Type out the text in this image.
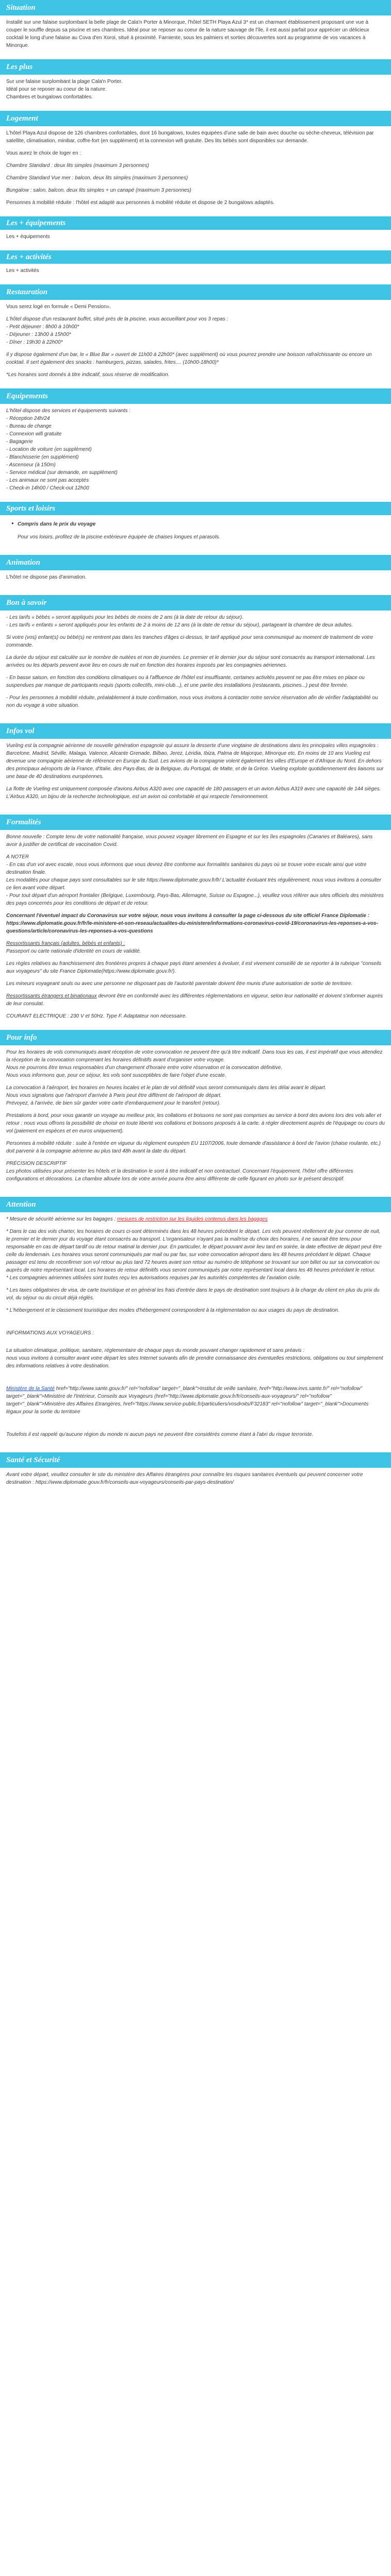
Situation

Installé sur une falaise surplombant la belle plage de Cala'n Porter à Minorque, l'hôtel SETH Playa Azul 3* est un charmant établissement proposant une vue à couper le souffle depuis sa piscine et ses chambres. Idéal pour se reposer au coeur de la nature sauvage de l'île, il est aussi parfait pour apprécier un délicieux cocktail le long d'une falaise au Cova d'en Xoroi, situé à proximité. Farniente, sous les palmiers et sorties découvertes sont au programme de vos vacances à Minorque.

Les plus

Sur une falaise surplombant la plage Cala'n Porter.
Idéal pour se reposer au coeur de la nature.
Chambres et bungalows confortables.

Logement

L'hôtel Playa Azul dispose de 126 chambres confortables, dont 16 bungalows, toutes équipées d'une salle de bain avec douche ou sèche-cheveux, télévision par satellite, climatisation, minibar, coffre-fort (en supplément) et la connexion wifi gratuite. Des lits bébés sont disponibles sur demande.

Vous aurez le choix de loger en :

Chambre Standard : deux lits simples (maximum 3 personnes)

Chambre Standard Vue mer : balcon, deux lits simples (maximum 3 personnes)

Bungalow : salon, balcon, deux lits simples + un canapé (maximum 3 personnes)

Personnes à mobilité réduite : l'hôtel est adapté aux personnes à mobilité réduite et dispose de 2 bungalows adaptés.

Les + équipements

Les + équipements

Les + activités

Les + activités

Restauration

Vous serez logé en formule « Demi Pension».

L'hôtel dispose d'un restaurant buffet, situé près de la piscine, vous accueillant pour vos 3 repas :
- Petit déjeuner : 8h00 à 10h00*
- Déjeuner : 13h00 à 15h00*
- Dîner : 19h30 à 22h00*

Il y dispose également d'un bar, le « Blue Bar » ouvert de 11h00 à 22h00* (avec supplément) où vous pourrez prendre une boisson rafraîchissante ou encore un cocktail. Il sert également des snacks : hamburgers, pizzas, salades, frites.... (10h00-18h00)*

*Les horaires sont donnés à titre indicatif, sous réserve de modification.

Equipements

L'hôtel dispose des services et équipements suivants :
- Réception 24h/24
- Bureau de change
- Connexion wifi gratuite
- Bagagerie
- Location de voiture (en supplément)
- Blanchisserie (en supplément)
- Ascenseur (à 150m)
- Service médical (sur demande, en supplément)
- Les animaux ne sont pas acceptés
- Check-in 14h00 / Check-out 12h00

Sports et loisirs
● Compris dans le prix du voyage

Pour vos loisirs, profitez de la piscine extérieure équipée de chaises longues et parasols.

Animation

L'hôtel ne dispose pas d'animation.

Bon à savoir

- Les tarifs « bébés » seront appliqués pour les bébés de moins de 2 ans (à la date de retour du séjour).
- Les tarifs « enfants » seront appliqués pour les enfants de 2 à moins de 12 ans (à la date de retour du séjour), partageant la chambre de deux adultes.

Si votre (vos) enfant(s) ou bébé(s) ne rentrent pas dans les tranches d'âges ci-dessus, le tarif appliqué pour sera communiqué au moment de traitement de votre commande.

La durée du séjour est calculée sur le nombre de nuitées et non de journées. Le premier et le dernier jour du séjour sont consacrés au transport international. Les arrivées ou les départs peuvent avoir lieu en cours de nuit en fonction des horaires imposés par les compagnies aériennes.

- En basse saison, en fonction des conditions climatiques ou à l'affluence de l'hôtel est insuffisante, certaines activités peuvent ne pas être mises en place ou suspendues par manque de participants requis (sports collectifs, mini-club...), et une partie des installations (restaurants, piscines...) peut être fermée.

- Pour les personnes à mobilité réduite, préalablement à toute confirmation, nous vous invitons à contacter notre service réservation afin de vérifier l'adaptabilité ou non du voyage à votre situation.

Infos vol

Vueling est la compagnie aérienne de nouvelle génération espagnole qui assure la desserte d'une vingtaine de destinations dans les principales villes espagnoles : Barcelone, Madrid, Séville, Malaga, Valence, Alicante Grenade, Bilbao, Jerez, Léridia, Ibiza, Palma de Majorque, Minorque etc. En moins de 10 ans Vueling est devenue une compagnie aérienne de référence en Europe du Sud. Les avions de la compagnie volent également les villes d'Europe et d'Afrique du Nord. En dehors des principaux aéroports de la France, d'Italie, des Pays-Bas, de la Belgique, du Portugal, de Malte, et de la Grèce. Vueling exploite quotidiennement des liaisons sur une base de 40 destinations européennes.

La flotte de Vueling est uniquement composée d'avions Airbus A320 avec une capacité de 180 passagers et un avion Airbus A319 avec une capacité de 144 sièges. L'Airbus A320, un bijou de la recherche technologique, est un avion où confortable et qui respecte l'environnement.

Formalités

Bonne nouvelle : Compte tenu de votre nationalité française, vous pouvez voyager librement en Espagne et sur les îles espagnoles (Canaries et Baléares), sans avoir à justifier de certificat de vaccination Covid.

A NOTER

- En cas d'un vol avec escale, nous vous informons que vous devrez être conforme aux formalités sanitaires du pays où se trouve votre escale ainsi que votre destination finale.
Les modalités pour chaque pays sont consultables sur le site https://www.diplomatie.gouv.fr/fr/ L'actualité évoluant très régulièrement, nous vous invitons à consulter ce lien avant votre départ.
- Pour tout départ d'un aéroport frontalier (Belgique, Luxembourg, Pays-Bas, Allemagne, Suisse ou Espagne...), veuillez vous référer aux sites officiels des ministères des pays concernés pour les conditions de départ et de retour.

Concernant l'éventuel impact du Coronavirus sur votre séjour, nous vous invitons à consulter la page ci-dessous du site officiel France Diplomatie :
https://www.diplomatie.gouv.fr/fr/le-ministere-et-son-reseau/actualites-du-ministere/informations-coronavirus-covid-19/coronavirus-les-reponses-a-vos-questions/article/coronavirus-les-reponses-a-vos-questions

Ressortissants français (adultes, bébés et enfants) :

Passeport ou carte nationale d'identité en cours de validité.

Les règles relatives au franchissement des frontières propres à chaque pays étant amenées à évoluer, il est vivement conseillé de se reporter à la rubrique "conseils aux voyageurs" du site France Diplomatie(https://www.diplomatie.gouv.fr/).

Les mineurs voyageant seuls ou avec une personne ne disposant pas de l'autorité parentale doivent être munis d'une autorisation de sortie de territoire.

Ressortissants étrangers et binationaux devront être en conformité avec les différentes réglementations en vigueur, selon leur nationalité et doivent s'informer auprès de leur consulat.

COURANT ELECTRIQUE : 230 V et 50Hz. Type F. Adaptateur non nécessaire.

Pour info

Pour les horaires de vols communiqués avant réception de votre convocation ne peuvent être qu'à titre indicatif. Dans tous les cas, il est impératif que vous attendiez la réception de la convocation comprenant les horaires définitifs avant d'organiser votre voyage.
Nous ne pourrons être tenus responsables d'un changement d'horaire entre votre réservation et la convocation définitive.
Nous vous informons que, pour ce séjour, les vols sont susceptibles de faire l'objet d'une escale.

La convocation à l'aéroport, les horaires en heures locales et le plan de vol définitif vous seront communiqués dans les délai avant le départ.
Nous vous signalons que l'aéroport d'arrivée à Paris peut être différent de l'aéroport de départ.
Prévoyez, à l'arrivée, de bien sûr garder votre carte d'embarquement pour le transfert (retour).

Prestations à bord, pour vous garantir un voyage au meilleur prix, les collations et boissons ne sont pas comprises au service à bord des avions lors des vols aller et retour ; nous vous offrons la possibilité de choisir en toute liberté vos collations et boissons proposés à la carte, à régler directement auprès de l'équipage ou cours du vol (paiement en espèces et en euros uniquement).

Personnes à mobilité réduite : suite à l'entrée en vigueur du règlement européen EU 1107/2006, toute demande d'assistance à bord de l'avion (chaise roulante, etc.) doit parvenir à la compagnie aérienne au plus tard 48h avant la date du départ.

PRÉCISION DESCRIPTIF

Les photos utilisées pour présenter les hôtels et la destination le sont à titre indicatif et non contractuel. Concernant l'équipement, l'hôtel offre différentes configurations et décorations. La chambre allouée lors de votre arrivée pourra être ainsi différente de celle figurant en photo sur le présent descriptif.

Attention

* Mesure de sécurité aérienne sur les bagages : mesures de restriction sur les liquides contenus dans les bagages

* Dans le cas des vols charter, les horaires de cours ci-sont déterminés dans les 48 heures précédent le départ. Les vols peuvent réellement de jour comme de nuit, le premier et le dernier jour du voyage étant consacrés au transport. L'organisateur n'ayant pas la maîtrise du choix des horaires, il ne saurait être tenu pour responsable en cas de départ tardif ou de retour matinal la dernier jour. En particulier, le départ pouvant avoir lieu tard en soirée, la date effective de départ peut être celle du lendemain. Les horaires vous seront communiqués par mail ou par fax, sur votre convocation aéroport dans les 48 heures précédant le départ. Chaque passager est tenu de reconfirmer son vol retour au plus tard 72 heures avant son retour au numéro de téléphone se trouvant sur son billet ou sur sa convocation ou auprès de notre représentant local. Les horaires de retour définitifs vous seront communiqués par notre représentant local dans les 48 heures précédant le retour.
* Les compagnies aériennes utilisées sont toutes reçu les autorisations requises par les autorités compétentes de l'aviation civile.

* Les taxes obligatoires de visa, de carte touristique et en général les frais d'entrée dans le pays de destination sont toujours à la charge du client en plus du prix du vol, du séjour ou du circuit déjà réglés.

* L'hébergement et le classement touristique des modes d'hébergement correspondent à la réglementation ou aux usages du pays de destination.

INFORMATIONS AUX VOYAGEURS :

La situation climatique, politique, sanitaire, réglementaire de chaque pays du monde pouvant changer rapidement et sans préavis :
nous vous invitons à consulter avant votre départ les sites Internet suivants afin de prendre connaissance des éventuelles restrictions, obligations ou tout simplement des informations relatives à votre destination.

Ministère de la Santé href="http://www.sante.gouv.fr/" rel="nofollow" target="_blank">Institut de veille sanitaire, href="http://www.invs.sante.fr/" rel="nofollow" target="_blank">Ministère de l'Intérieur, Conseils aux Voyageurs (href="http://www.diplomatie.gouv.fr/fr/conseils-aux-voyageurs/" rel="nofollow" target="_blank">Ministère des Affaires Etrangères, href="https://www.service-public.fr/particuliers/vosdroits/F32183" rel="nofollow" target="_blank">Documents légaux pour la sortie du territoire

Toutefois il est rappelé qu'aucune région du monde ni aucun pays ne peuvent être considérés comme étant à l'abri du risque terroriste.

Santé et Sécurité

Avant votre départ, veuillez consulter le site du ministère des Affaires étrangères pour connaître les risques sanitaires éventuels qui peuvent concerner votre destination : https://www.diplomatie.gouv.fr/fr/conseils-aux-voyageurs/conseils-par-pays-destination/
